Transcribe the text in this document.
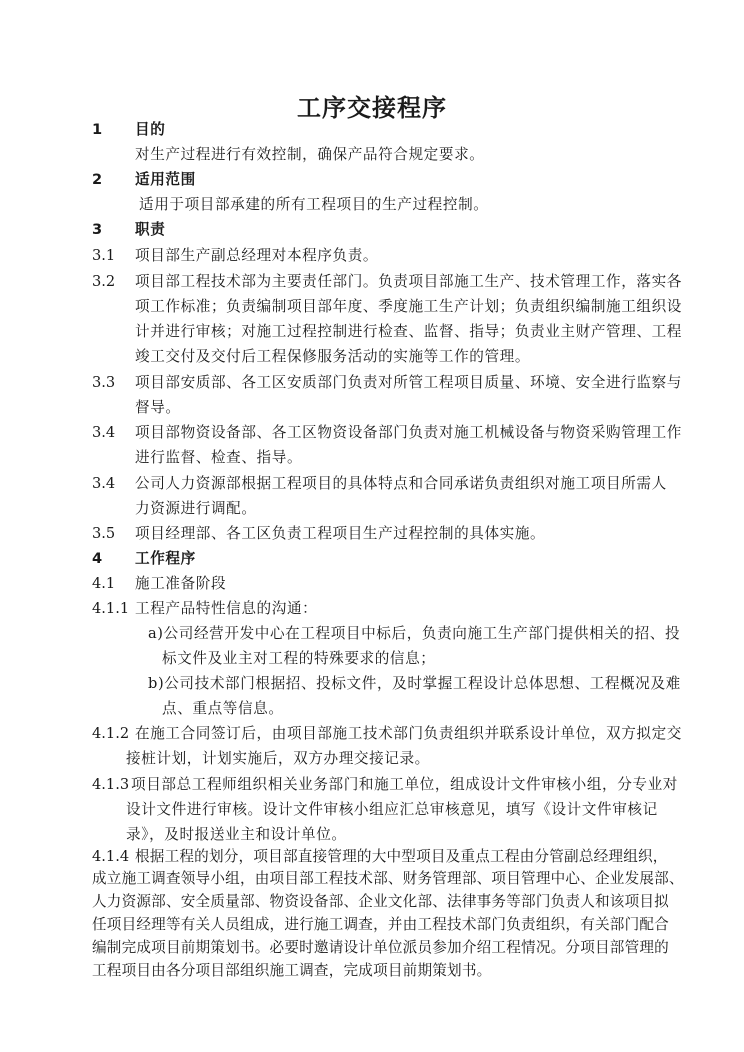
工序交接程序
1 目的
对生产过程进行有效控制，确保产品符合规定要求。
2 适用范围
适用于项目部承建的所有工程项目的生产过程控制。
3 职责
3.1 项目部生产副总经理对本程序负责。
3.2 项目部工程技术部为主要责任部门。负责项目部施工生产、技术管理工作，落实各
项工作标准；负责编制项目部年度、季度施工生产计划；负责组织编制施工组织设
计并进行审核；对施工过程控制进行检查、监督、指导；负责业主财产管理、工程
竣工交付及交付后工程保修服务活动的实施等工作的管理。
3.3 项目部安质部、各工区安质部门负责对所管工程项目质量、环境、安全进行监察与
督导。
3.4 项目部物资设备部、各工区物资设备部门负责对施工机械设备与物资采购管理工作
进行监督、检查、指导。
3.4 公司人力资源部根据工程项目的具体特点和合同承诺负责组织对施工项目所需人
力资源进行调配。
3.5 项目经理部、各工区负责工程项目生产过程控制的具体实施。
4 工作程序
4.1 施工准备阶段
4.1.1 工程产品特性信息的沟通：
a)公司经营开发中心在工程项目中标后，负责向施工生产部门提供相关的招、投
标文件及业主对工程的特殊要求的信息；
b)公司技术部门根据招、投标文件，及时掌握工程设计总体思想、工程概况及难
点、重点等信息。
4.1.2 在施工合同签订后，由项目部施工技术部门负责组织并联系设计单位，双方拟定交
接桩计划，计划实施后，双方办理交接记录。
4.1.3 项目部总工程师组织相关业务部门和施工单位，组成设计文件审核小组，分专业对
设计文件进行审核。设计文件审核小组应汇总审核意见，填写《设计文件审核记
录》，及时报送业主和设计单位。
4.1.4 根据工程的划分，项目部直接管理的大中型项目及重点工程由分管副总经理组织，
成立施工调查领导小组，由项目部工程技术部、财务管理部、项目管理中心、企业发展部、
人力资源部、安全质量部、物资设备部、企业文化部、法律事务等部门负责人和该项目拟
任项目经理等有关人员组成，进行施工调查，并由工程技术部门负责组织，有关部门配合
编制完成项目前期策划书。必要时邀请设计单位派员参加介绍工程情况。分项目部管理的
工程项目由各分项目部组织施工调查，完成项目前期策划书。
